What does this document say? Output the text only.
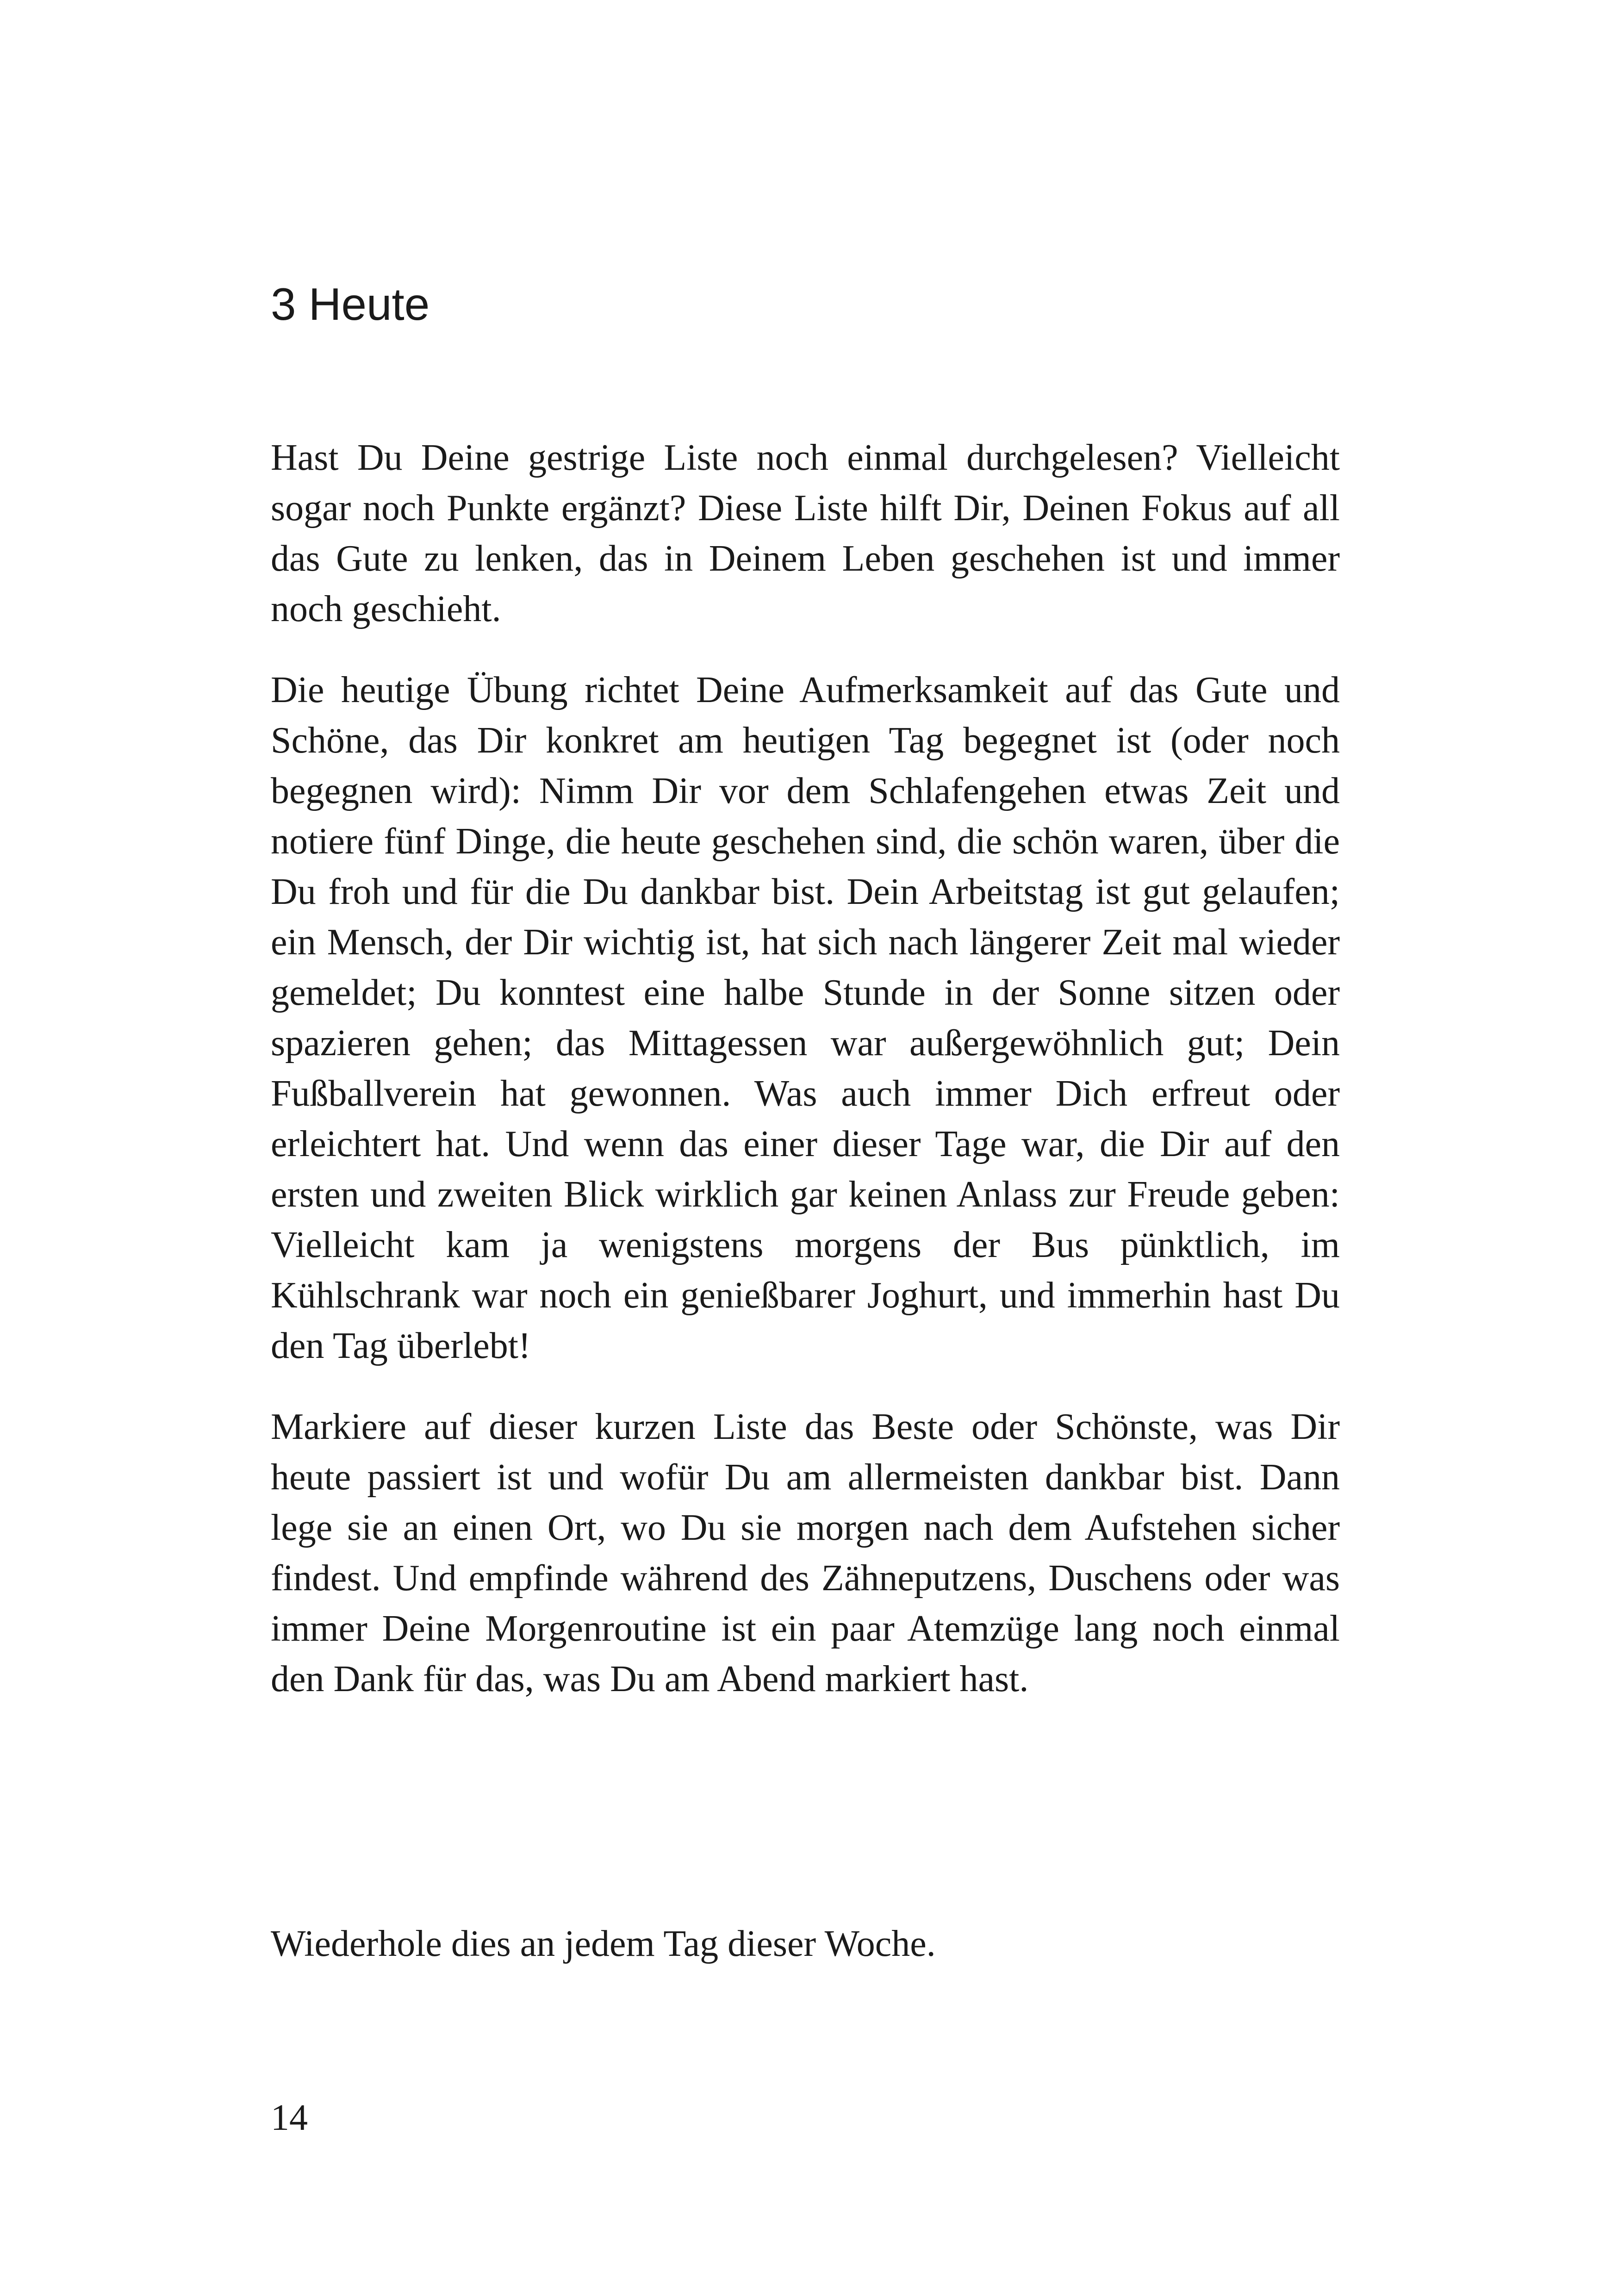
3 Heute

Hast Du Deine gestrige Liste noch einmal durchgelesen? Vielleicht sogar noch Punkte ergänzt? Diese Liste hilft Dir, Deinen Fokus auf all das Gute zu lenken, das in Deinem Leben geschehen ist und immer noch geschieht.

Die heutige Übung richtet Deine Aufmerksamkeit auf das Gute und Schöne, das Dir konkret am heutigen Tag begegnet ist (oder noch begegnen wird): Nimm Dir vor dem Schlafengehen etwas Zeit und notiere fünf Dinge, die heute geschehen sind, die schön waren, über die Du froh und für die Du dankbar bist. Dein Arbeitstag ist gut gelaufen; ein Mensch, der Dir wichtig ist, hat sich nach längerer Zeit mal wieder gemeldet; Du konntest eine halbe Stunde in der Sonne sitzen oder spazieren gehen; das Mittagessen war außergewöhnlich gut; Dein Fußballverein hat gewonnen. Was auch immer Dich erfreut oder erleichtert hat. Und wenn das einer dieser Tage war, die Dir auf den ersten und zweiten Blick wirklich gar keinen Anlass zur Freude geben: Vielleicht kam ja wenigstens morgens der Bus pünktlich, im Kühlschrank war noch ein genießbarer Joghurt, und immerhin hast Du den Tag überlebt!

Markiere auf dieser kurzen Liste das Beste oder Schönste, was Dir heute passiert ist und wofür Du am allermeisten dankbar bist. Dann lege sie an einen Ort, wo Du sie morgen nach dem Aufstehen sicher findest. Und empfinde während des Zähneputzens, Duschens oder was immer Deine Morgenroutine ist ein paar Atemzüge lang noch einmal den Dank für das, was Du am Abend markiert hast.

Wiederhole dies an jedem Tag dieser Woche.

14
